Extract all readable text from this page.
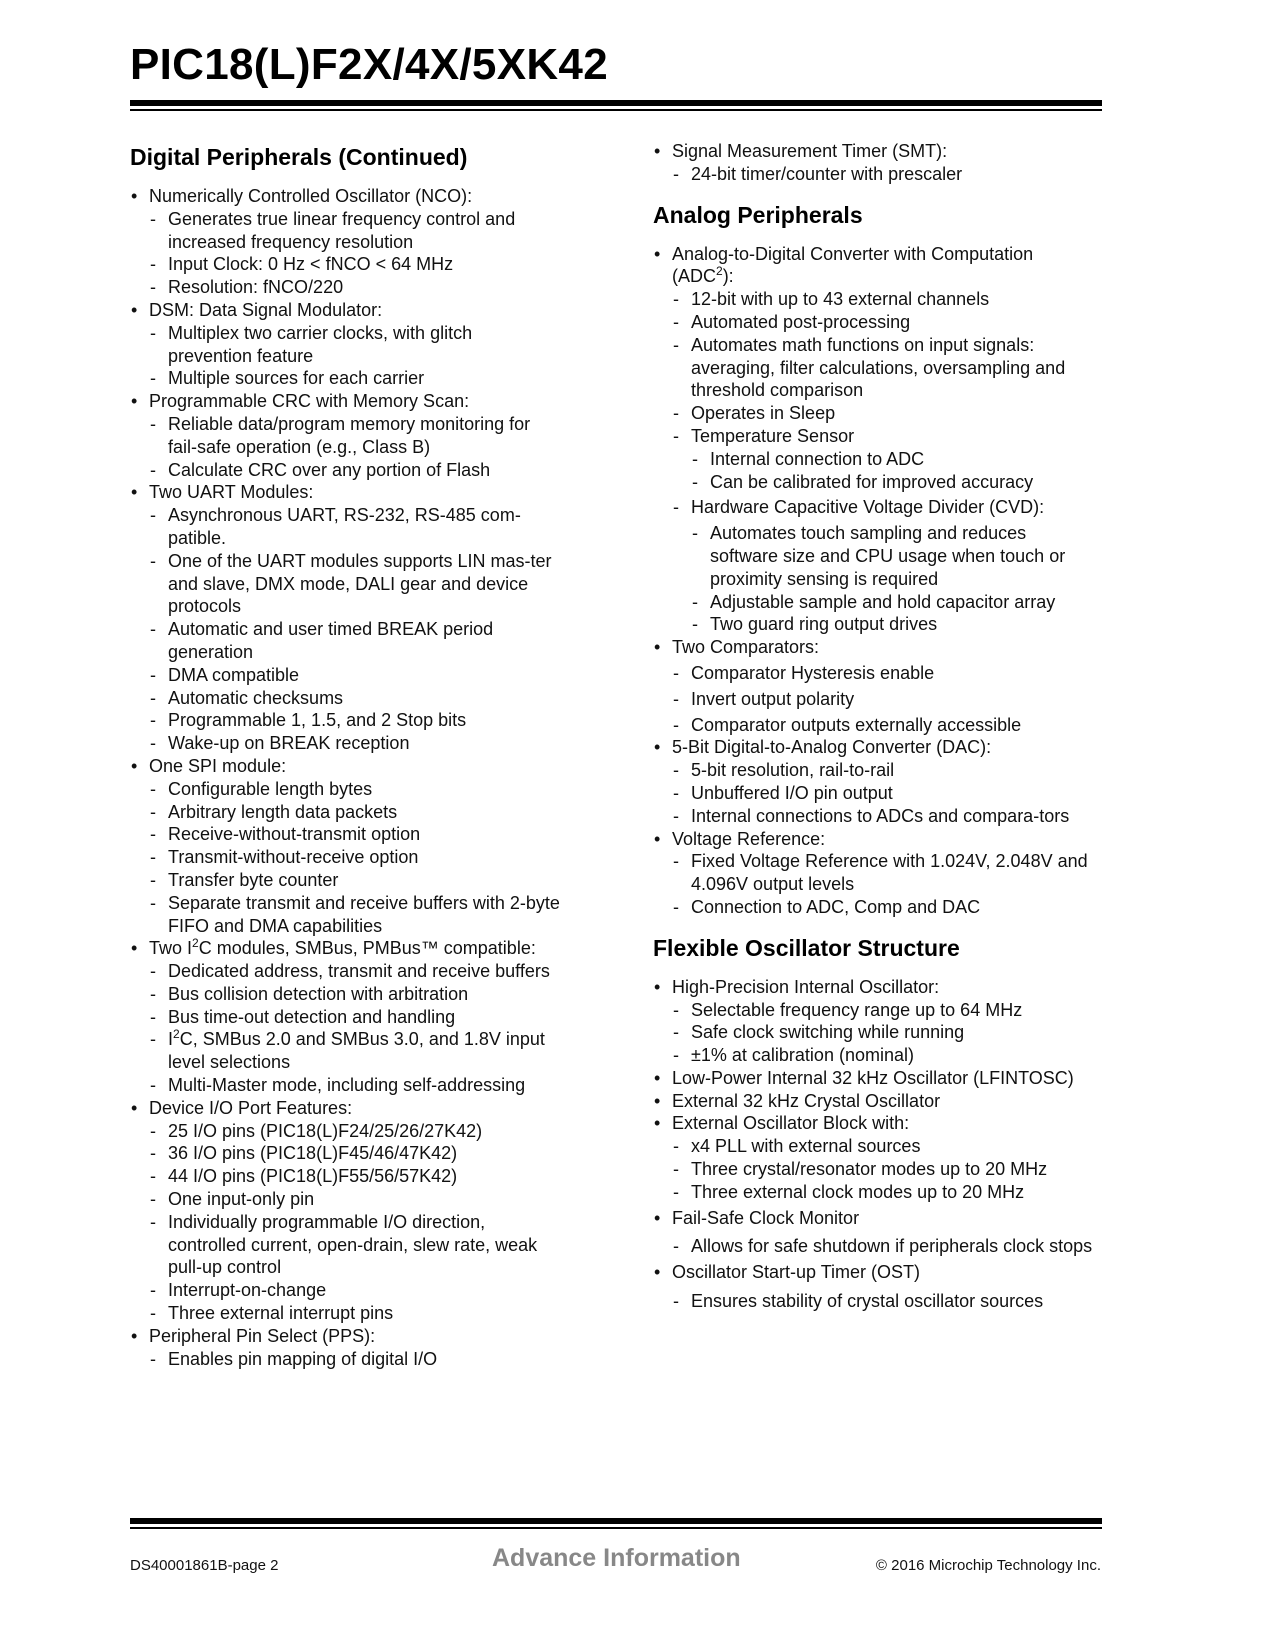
PIC18(L)F2X/4X/5XK42
Digital Peripherals (Continued)
• Numerically Controlled Oscillator (NCO):
- Generates true linear frequency control and increased frequency resolution
- Input Clock: 0 Hz < fNCO < 64 MHz
- Resolution: fNCO/220
• DSM: Data Signal Modulator:
- Multiplex two carrier clocks, with glitch prevention feature
- Multiple sources for each carrier
• Programmable CRC with Memory Scan:
- Reliable data/program memory monitoring for fail-safe operation (e.g., Class B)
- Calculate CRC over any portion of Flash
• Two UART Modules:
- Asynchronous UART, RS-232, RS-485 com-patible.
- One of the UART modules supports LIN mas-ter and slave, DMX mode, DALI gear and device protocols
- Automatic and user timed BREAK period generation
- DMA compatible
- Automatic checksums
- Programmable 1, 1.5, and 2 Stop bits
- Wake-up on BREAK reception
• One SPI module:
- Configurable length bytes
- Arbitrary length data packets
- Receive-without-transmit option
- Transmit-without-receive option
- Transfer byte counter
- Separate transmit and receive buffers with 2-byte FIFO and DMA capabilities
• Two $I^2C$ modules, SMBus, PMBus™ compatible:
- Dedicated address, transmit and receive buffers
- Bus collision detection with arbitration
- Bus time-out detection and handling
- $I^2C$, SMBus 2.0 and SMBus 3.0, and 1.8V input level selections
- Multi-Master mode, including self-addressing
• Device I/O Port Features:
- 25 I/O pins (PIC18(L)F24/25/26/27K42)
- 36 I/O pins (PIC18(L)F45/46/47K42)
- 44 I/O pins (PIC18(L)F55/56/57K42)
- One input-only pin
- Individually programmable I/O direction, controlled current, open-drain, slew rate, weak pull-up control
- Interrupt-on-change
- Three external interrupt pins
• Peripheral Pin Select (PPS):
- Enables pin mapping of digital I/O
• Signal Measurement Timer (SMT):
- 24-bit timer/counter with prescaler
Analog Peripherals
• Analog-to-Digital Converter with Computation (ADC$^2$):
- 12-bit with up to 43 external channels
- Automated post-processing
- Automates math functions on input signals: averaging, filter calculations, oversampling and threshold comparison
- Operates in Sleep
- Temperature Sensor
- Internal connection to ADC
- Can be calibrated for improved accuracy
- Hardware Capacitive Voltage Divider (CVD):
- Automates touch sampling and reduces software size and CPU usage when touch or proximity sensing is required
- Adjustable sample and hold capacitor array
- Two guard ring output drives
• Two Comparators:
- Comparator Hysteresis enable
- Invert output polarity
- Comparator outputs externally accessible
• 5-Bit Digital-to-Analog Converter (DAC):
- 5-bit resolution, rail-to-rail
- Unbuffered I/O pin output
- Internal connections to ADCs and compara-tors
• Voltage Reference:
- Fixed Voltage Reference with 1.024V, 2.048V and 4.096V output levels
- Connection to ADC, Comp and DAC
Flexible Oscillator Structure
• High-Precision Internal Oscillator:
- Selectable frequency range up to 64 MHz
- Safe clock switching while running
- ±1% at calibration (nominal)
• Low-Power Internal 32 kHz Oscillator (LFINTOSC)
• External 32 kHz Crystal Oscillator
• External Oscillator Block with:
- x4 PLL with external sources
- Three crystal/resonator modes up to 20 MHz
- Three external clock modes up to 20 MHz
• Fail-Safe Clock Monitor
- Allows for safe shutdown if peripherals clock stops
• Oscillator Start-up Timer (OST)
- Ensures stability of crystal oscillator sources
DS40001861B-page 2	Advance Information	© 2016 Microchip Technology Inc.
